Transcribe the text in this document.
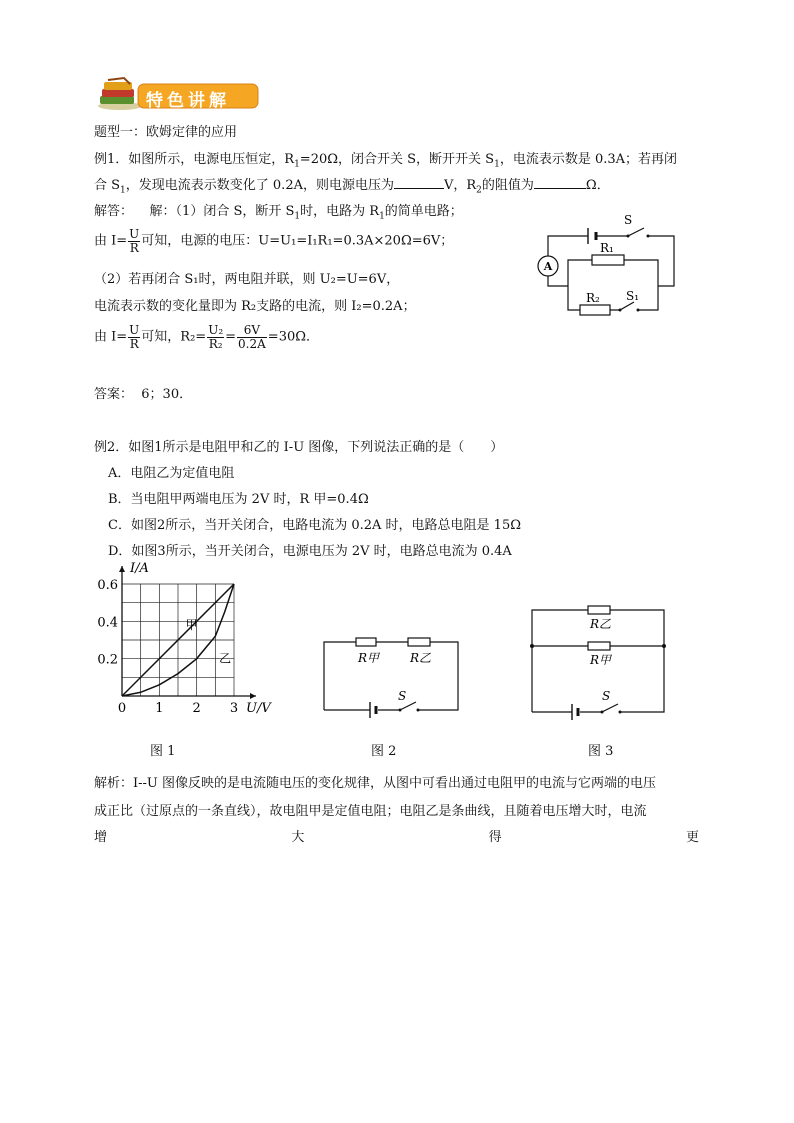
特色讲解
题型一：欧姆定律的应用
例1．如图所示，电源电压恒定，$R_1=20\Omega$，闭合开关 S，断开开关 $S_1$，电流表示数是 0.3A；若再闭
合 $S_1$，发现电流表示数变化了 0.2A，则电源电压为	V，$R_2$的阻值为	Ω．
解答： 解：（1）闭合 S，断开 $S_1$时，电路为 $R_1$的简单电路；
由 $I= \frac{U}{R}$ 可知，电源的电压：U=U₁=I₁R₁=0.3A×20Ω=6V；
（2）若再闭合 S₁时，两电阻并联，则 U₂=U=6V，
电流表示数的变化量即为 R₂支路的电流，则 I₂=0.2A；
由 $I= \frac{U}{R}$ 可知，$R_2= \frac{\text{U₂}}{\text{R₂}} = \frac{6V}{0.2A} =30\Omega$．
答案： 6；30．
A
S
R₁
R₂ S₁
例2．如图1所示是电阻甲和乙的 I-U 图像，下列说法正确的是（　　）
A．电阻乙为定值电阻
B．当电阻甲两端电压为 2V 时，R 甲=0.4Ω
C．如图2所示，当开关闭合，电路电流为 0.2A 时，电路总电阻是 15Ω
D．如图3所示，当开关闭合，电源电压为 2V 时，电路总电流为 0.4A
0 1 2 3
0.2
0.4
0.6
I/A
U/V
甲
乙	R甲	R乙
S
R乙
R甲
S
图 1	图 2	图 3
解析：I--U 图像反映的是电流随电压的变化规律，从图中可看出通过电阻甲的电流与它两端的电压
成正比（过原点的一条直线），故电阻甲是定值电阻；电阻乙是条曲线，且随着电压增大时，电流
增	大	得	更
